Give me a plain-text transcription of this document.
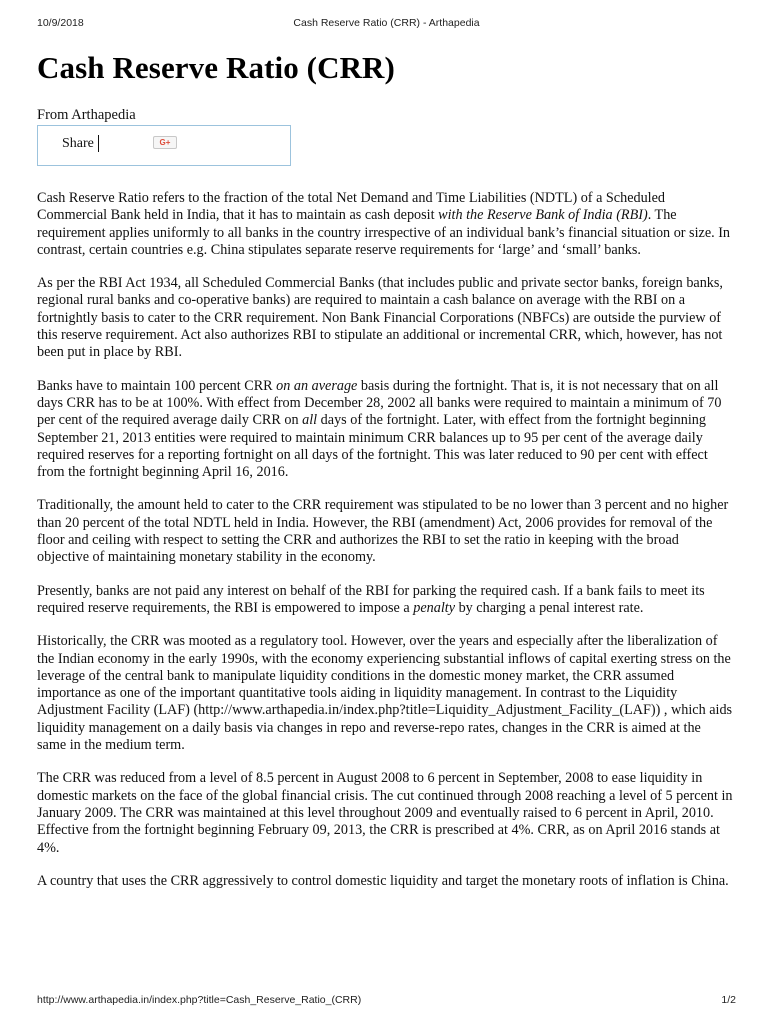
10/9/2018	Cash Reserve Ratio (CRR) - Arthapedia
Cash Reserve Ratio (CRR)
From Arthapedia
Share	G+

Cash Reserve Ratio refers to the fraction of the total Net Demand and Time Liabilities (NDTL) of a Scheduled Commercial Bank held in India, that it has to maintain as cash deposit with the Reserve Bank of India (RBI). The requirement applies uniformly to all banks in the country irrespective of an individual bank’s financial situation or size. In contrast, certain countries e.g. China stipulates separate reserve requirements for ‘large’ and ‘small’ banks.

As per the RBI Act 1934, all Scheduled Commercial Banks (that includes public and private sector banks, foreign banks, regional rural banks and co-operative banks) are required to maintain a cash balance on average with the RBI on a fortnightly basis to cater to the CRR requirement. Non Bank Financial Corporations (NBFCs) are outside the purview of this reserve requirement. Act also authorizes RBI to stipulate an additional or incremental CRR, which, however, has not been put in place by RBI.

Banks have to maintain 100 percent CRR on an average basis during the fortnight. That is, it is not necessary that on all days CRR has to be at 100%. With effect from December 28, 2002 all banks were required to maintain a minimum of 70 per cent of the required average daily CRR on all days of the fortnight. Later, with effect from the fortnight beginning September 21, 2013 entities were required to maintain minimum CRR balances up to 95 per cent of the average daily required reserves for a reporting fortnight on all days of the fortnight. This was later reduced to 90 per cent with effect from the fortnight beginning April 16, 2016.

Traditionally, the amount held to cater to the CRR requirement was stipulated to be no lower than 3 percent and no higher than 20 percent of the total NDTL held in India. However, the RBI (amendment) Act, 2006 provides for removal of the floor and ceiling with respect to setting the CRR and authorizes the RBI to set the ratio in keeping with the broad objective of maintaining monetary stability in the economy.

Presently, banks are not paid any interest on behalf of the RBI for parking the required cash. If a bank fails to meet its required reserve requirements, the RBI is empowered to impose a penalty by charging a penal interest rate.

Historically, the CRR was mooted as a regulatory tool. However, over the years and especially after the liberalization of the Indian economy in the early 1990s, with the economy experiencing substantial inflows of capital exerting stress on the leverage of the central bank to manipulate liquidity conditions in the domestic money market, the CRR assumed importance as one of the important quantitative tools aiding in liquidity management. In contrast to the Liquidity Adjustment Facility (LAF) (http://www.arthapedia.in/index.php?title=Liquidity_Adjustment_Facility_(LAF)) , which aids liquidity management on a daily basis via changes in repo and reverse-repo rates, changes in the CRR is aimed at the same in the medium term.

The CRR was reduced from a level of 8.5 percent in August 2008 to 6 percent in September, 2008 to ease liquidity in domestic markets on the face of the global financial crisis. The cut continued through 2008 reaching a level of 5 percent in January 2009. The CRR was maintained at this level throughout 2009 and eventually raised to 6 percent in April, 2010. Effective from the fortnight beginning February 09, 2013, the CRR is prescribed at 4%. CRR, as on April 2016 stands at 4%.

A country that uses the CRR aggressively to control domestic liquidity and target the monetary roots of inflation is China.

http://www.arthapedia.in/index.php?title=Cash_Reserve_Ratio_(CRR)	1/2
